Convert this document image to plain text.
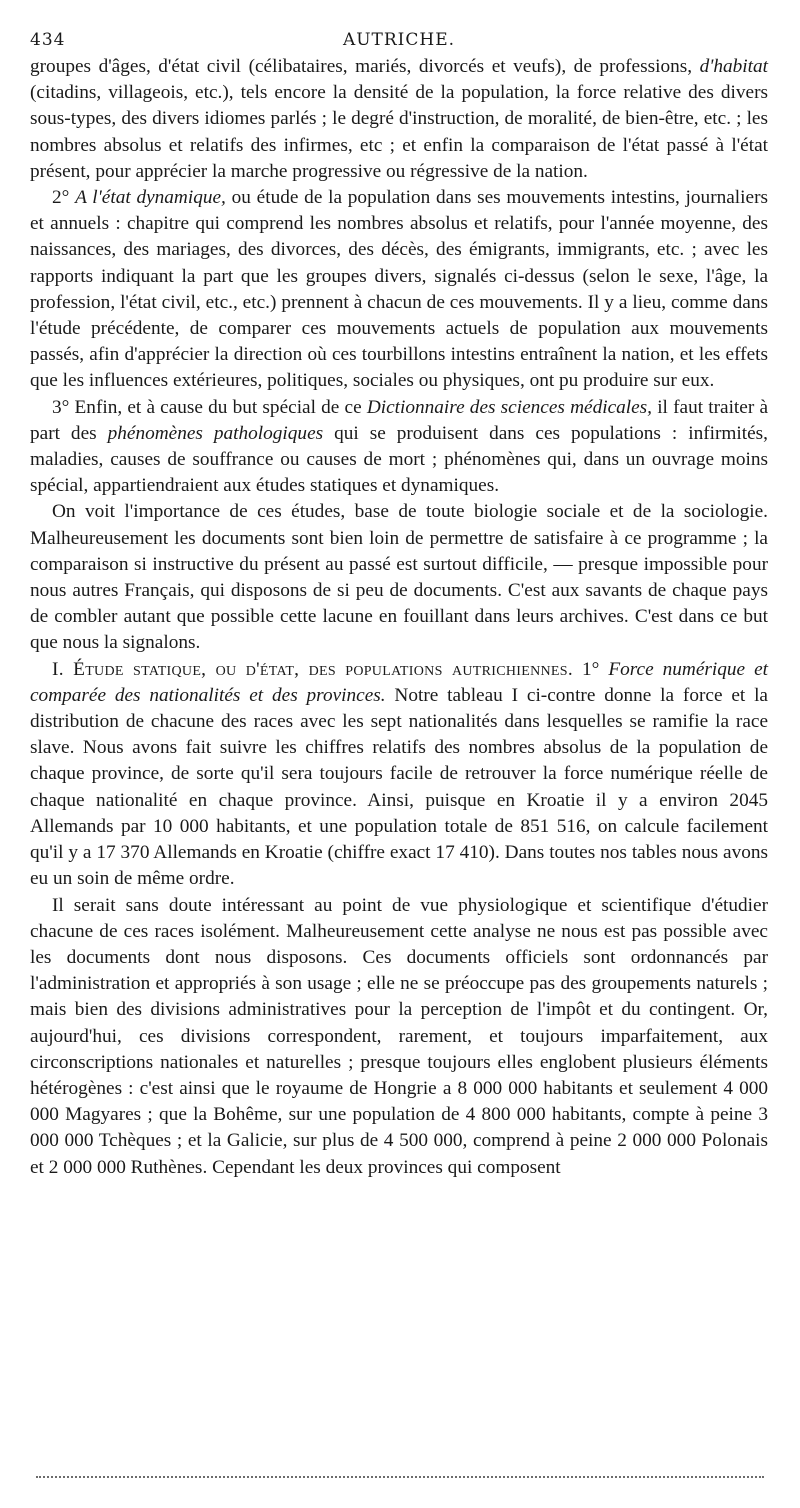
434	AUTRICHE.

groupes d'âges, d'état civil (célibataires, mariés, divorcés et veufs), de professions, d'habitat (citadins, villageois, etc.), tels encore la densité de la population, la force relative des divers sous-types, des divers idiomes parlés ; le degré d'instruction, de moralité, de bien-être, etc. ; les nombres absolus et relatifs des infirmes, etc ; et enfin la comparaison de l'état passé à l'état présent, pour apprécier la marche progressive ou régressive de la nation.

2° A l'état dynamique, ou étude de la population dans ses mouvements intestins, journaliers et annuels : chapitre qui comprend les nombres absolus et relatifs, pour l'année moyenne, des naissances, des mariages, des divorces, des décès, des émigrants, immigrants, etc. ; avec les rapports indiquant la part que les groupes divers, signalés ci-dessus (selon le sexe, l'âge, la profession, l'état civil, etc., etc.) prennent à chacun de ces mouvements. Il y a lieu, comme dans l'étude précédente, de comparer ces mouvements actuels de population aux mouvements passés, afin d'apprécier la direction où ces tourbillons intestins entraînent la nation, et les effets que les influences extérieures, politiques, sociales ou physiques, ont pu produire sur eux.

3° Enfin, et à cause du but spécial de ce Dictionnaire des sciences médicales, il faut traiter à part des phénomènes pathologiques qui se produisent dans ces populations : infirmités, maladies, causes de souffrance ou causes de mort ; phénomènes qui, dans un ouvrage moins spécial, appartiendraient aux études statiques et dynamiques.

On voit l'importance de ces études, base de toute biologie sociale et de la sociologie. Malheureusement les documents sont bien loin de permettre de satisfaire à ce programme ; la comparaison si instructive du présent au passé est surtout difficile, — presque impossible pour nous autres Français, qui disposons de si peu de documents. C'est aux savants de chaque pays de combler autant que possible cette lacune en fouillant dans leurs archives. C'est dans ce but que nous la signalons.

I. Étude statique, ou d'état, des populations autrichiennes. 1° Force numérique et comparée des nationalités et des provinces. Notre tableau I ci-contre donne la force et la distribution de chacune des races avec les sept nationalités dans lesquelles se ramifie la race slave. Nous avons fait suivre les chiffres relatifs des nombres absolus de la population de chaque province, de sorte qu'il sera toujours facile de retrouver la force numérique réelle de chaque nationalité en chaque province. Ainsi, puisque en Kroatie il y a environ 2045 Allemands par 10 000 habitants, et une population totale de 851 516, on calcule facilement qu'il y a 17 370 Allemands en Kroatie (chiffre exact 17 410). Dans toutes nos tables nous avons eu un soin de même ordre.

Il serait sans doute intéressant au point de vue physiologique et scientifique d'étudier chacune de ces races isolément. Malheureusement cette analyse ne nous est pas possible avec les documents dont nous disposons. Ces documents officiels sont ordonnancés par l'administration et appropriés à son usage ; elle ne se préoccupe pas des groupements naturels ; mais bien des divisions administratives pour la perception de l'impôt et du contingent. Or, aujourd'hui, ces divisions correspondent, rarement, et toujours imparfaitement, aux circonscriptions nationales et naturelles ; presque toujours elles englobent plusieurs éléments hétérogènes : c'est ainsi que le royaume de Hongrie a 8 000 000 habitants et seulement 4 000 000 Magyares ; que la Bohême, sur une population de 4 800 000 habitants, compte à peine 3 000 000 Tchèques ; et la Galicie, sur plus de 4 500 000, comprend à peine 2 000 000 Polonais et 2 000 000 Ruthènes. Cependant les deux provinces qui composent
